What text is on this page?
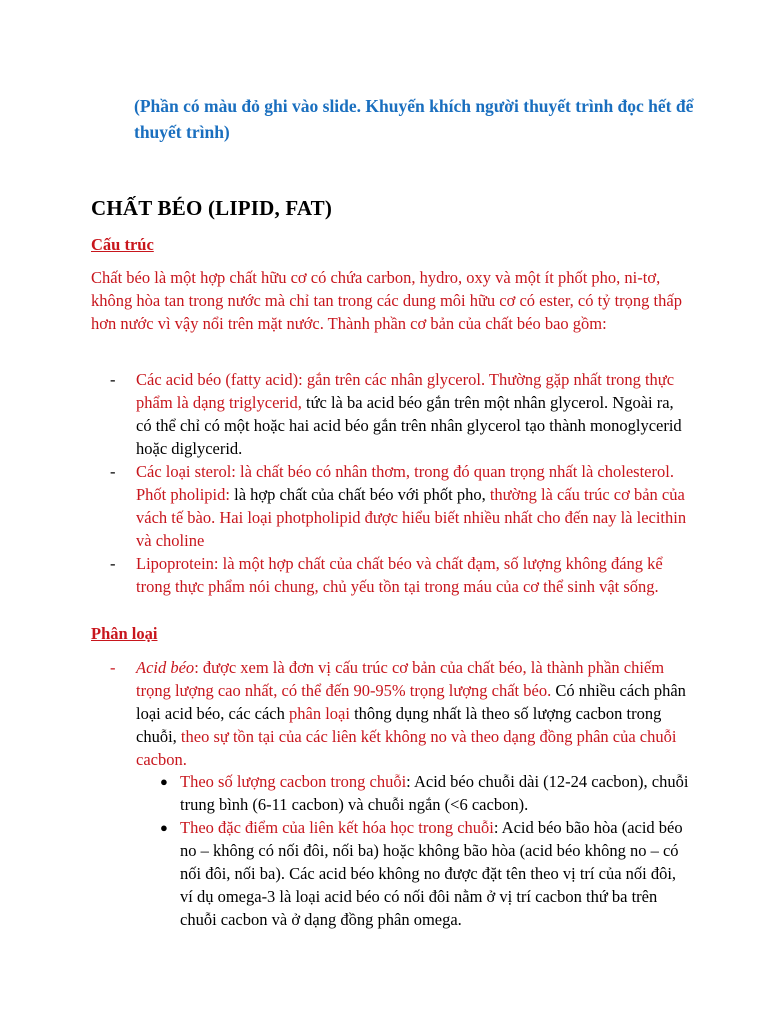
(Phần có màu đỏ ghi vào slide. Khuyến khích người thuyết trình đọc hết để thuyết trình)
CHẤT BÉO (LIPID, FAT)
Cấu trúc
Chất béo là một hợp chất hữu cơ có chứa carbon, hydro, oxy và một ít phốt pho, ni-tơ, không hòa tan trong nước mà chỉ tan trong các dung môi hữu cơ có ester, có tỷ trọng thấp hơn nước vì vậy nổi trên mặt nước. Thành phần cơ bản của chất béo bao gồm:
- Các acid béo (fatty acid): gắn trên các nhân glycerol. Thường gặp nhất trong thực phẩm là dạng triglycerid, tức là ba acid béo gắn trên một nhân glycerol. Ngoài ra, có thể chỉ có một hoặc hai acid béo gắn trên nhân glycerol tạo thành monoglycerid hoặc diglycerid.
- Các loại sterol: là chất béo có nhân thơm, trong đó quan trọng nhất là cholesterol. Phốt pholipid: là hợp chất của chất béo với phốt pho, thường là cấu trúc cơ bản của vách tế bào. Hai loại photpholipid được hiểu biết nhiều nhất cho đến nay là lecithin và choline
- Lipoprotein: là một hợp chất của chất béo và chất đạm, số lượng không đáng kể trong thực phẩm nói chung, chủ yếu tồn tại trong máu của cơ thể sinh vật sống.
Phân loại
- Acid béo: được xem là đơn vị cấu trúc cơ bản của chất béo, là thành phần chiếm trọng lượng cao nhất, có thể đến 90-95% trọng lượng chất béo. Có nhiều cách phân loại acid béo, các cách phân loại thông dụng nhất là theo số lượng cacbon trong chuỗi, theo sự tồn tại của các liên kết không no và theo dạng đồng phân của chuỗi cacbon.
● Theo số lượng cacbon trong chuỗi: Acid béo chuỗi dài (12-24 cacbon), chuỗi trung bình (6-11 cacbon) và chuỗi ngắn (<6 cacbon).
● Theo đặc điểm của liên kết hóa học trong chuỗi: Acid béo bão hòa (acid béo no – không có nối đôi, nối ba) hoặc không bão hòa (acid béo không no – có nối đôi, nối ba). Các acid béo không no được đặt tên theo vị trí của nối đôi, ví dụ omega-3 là loại acid béo có nối đôi nằm ở vị trí cacbon thứ ba trên chuỗi cacbon và ở dạng đồng phân omega.
